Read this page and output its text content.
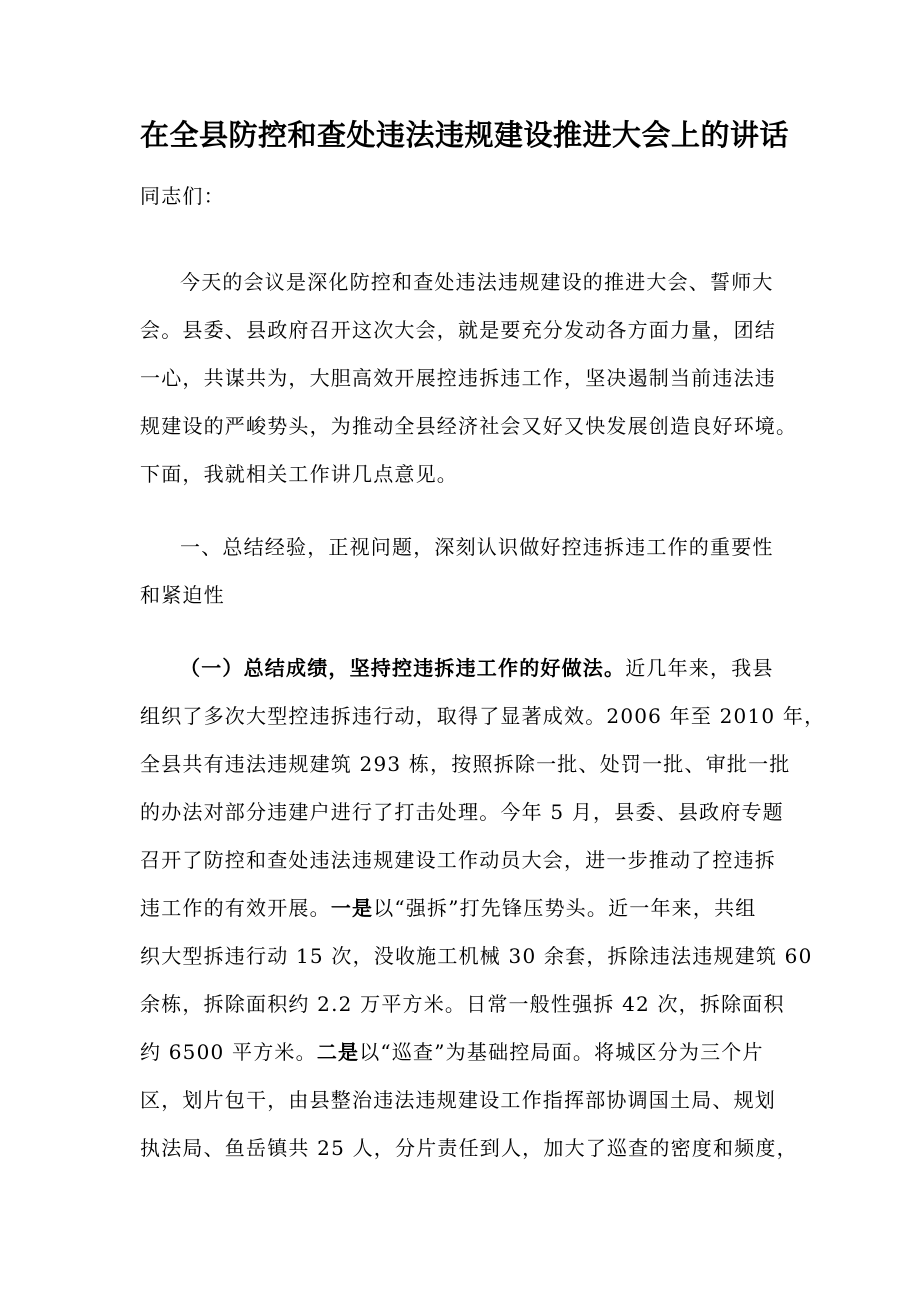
在全县防控和查处违法违规建设推进大会上的讲话
同志们：
今天的会议是深化防控和查处违法违规建设的推进大会、誓师大
会。县委、县政府召开这次大会，就是要充分发动各方面力量，团结
一心，共谋共为，大胆高效开展控违拆违工作，坚决遏制当前违法违
规建设的严峻势头，为推动全县经济社会又好又快发展创造良好环境。
下面，我就相关工作讲几点意见。
一、总结经验，正视问题，深刻认识做好控违拆违工作的重要性
和紧迫性
（一）总结成绩，坚持控违拆违工作的好做法。近几年来，我县
组织了多次大型控违拆违行动，取得了显著成效。2006 年至 2010 年，
全县共有违法违规建筑 293 栋，按照拆除一批、处罚一批、审批一批
的办法对部分违建户进行了打击处理。今年 5 月，县委、县政府专题
召开了防控和查处违法违规建设工作动员大会，进一步推动了控违拆
违工作的有效开展。一是以“强拆”打先锋压势头。近一年来，共组
织大型拆违行动 15 次，没收施工机械 30 余套，拆除违法违规建筑 60
余栋，拆除面积约 2.2 万平方米。日常一般性强拆 42 次，拆除面积
约 6500 平方米。二是以“巡查”为基础控局面。将城区分为三个片
区，划片包干，由县整治违法违规建设工作指挥部协调国土局、规划
执法局、鱼岳镇共 25 人，分片责任到人，加大了巡查的密度和频度，
